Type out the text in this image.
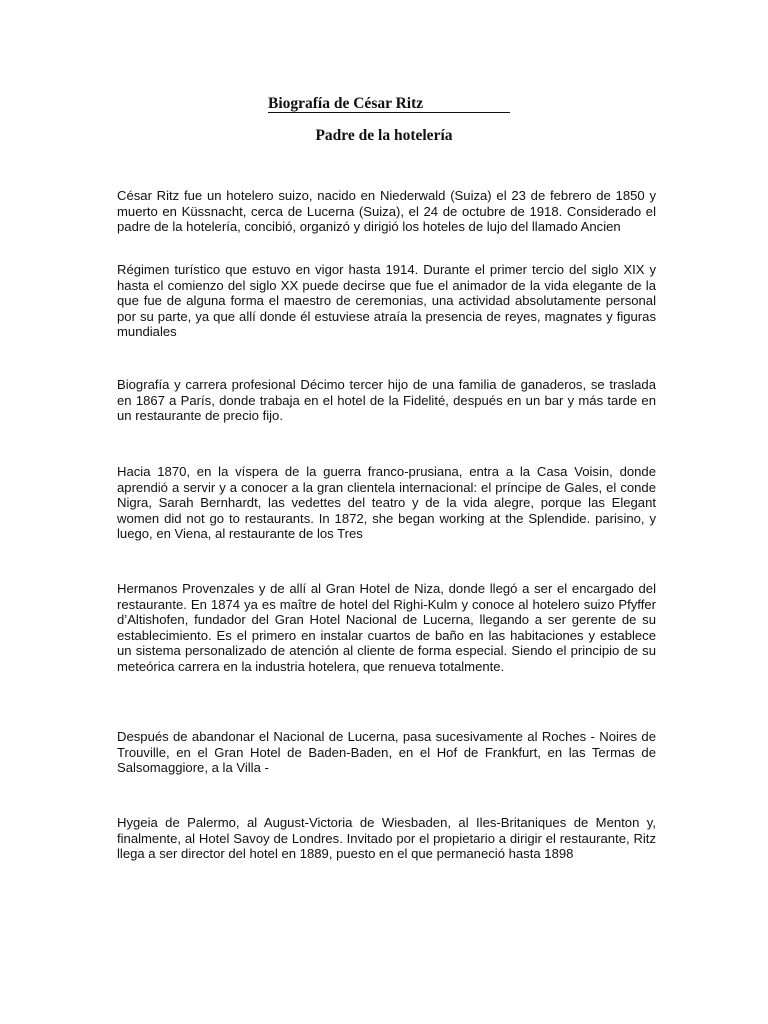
Biografía de César Ritz
Padre de la hotelería

César Ritz fue un hotelero suizo, nacido en Niederwald (Suiza) el 23 de febrero de 1850 y muerto en Küssnacht, cerca de Lucerna (Suiza), el 24 de octubre de 1918. Considerado el padre de la hotelería, concibió, organizó y dirigió los hoteles de lujo del llamado Ancien

Régimen turístico que estuvo en vigor hasta 1914. Durante el primer tercio del siglo XIX y hasta el comienzo del siglo XX puede decirse que fue el animador de la vida elegante de la que fue de alguna forma el maestro de ceremonias, una actividad absolutamente personal por su parte, ya que allí donde él estuviese atraía la presencia de reyes, magnates y figuras mundiales

Biografía y carrera profesional Décimo tercer hijo de una familia de ganaderos, se traslada en 1867 a París, donde trabaja en el hotel de la Fidelité, después en un bar y más tarde en un restaurante de precio fijo.

Hacia 1870, en la víspera de la guerra franco-prusiana, entra a la Casa Voisin, donde aprendió a servir y a conocer a la gran clientela internacional: el príncipe de Gales, el conde Nigra, Sarah Bernhardt, las vedettes del teatro y de la vida alegre, porque las Elegant women did not go to restaurants. In 1872, she began working at the Splendide. parisino, y luego, en Viena, al restaurante de los Tres

Hermanos Provenzales y de allí al Gran Hotel de Niza, donde llegó a ser el encargado del restaurante. En 1874 ya es maître de hotel del Righi-Kulm y conoce al hotelero suizo Pfyffer d’Altishofen, fundador del Gran Hotel Nacional de Lucerna, llegando a ser gerente de su establecimiento. Es el primero en instalar cuartos de baño en las habitaciones y establece un sistema personalizado de atención al cliente de forma especial. Siendo el principio de su meteórica carrera en la industria hotelera, que renueva totalmente.

Después de abandonar el Nacional de Lucerna, pasa sucesivamente al Roches - Noires de Trouville, en el Gran Hotel de Baden-Baden, en el Hof de Frankfurt, en las Termas de Salsomaggiore, a la Villa -

Hygeia de Palermo, al August-Victoria de Wiesbaden, al Iles-Britaniques de Menton y, finalmente, al Hotel Savoy de Londres. Invitado por el propietario a dirigir el restaurante, Ritz llega a ser director del hotel en 1889, puesto en el que permaneció hasta 1898
